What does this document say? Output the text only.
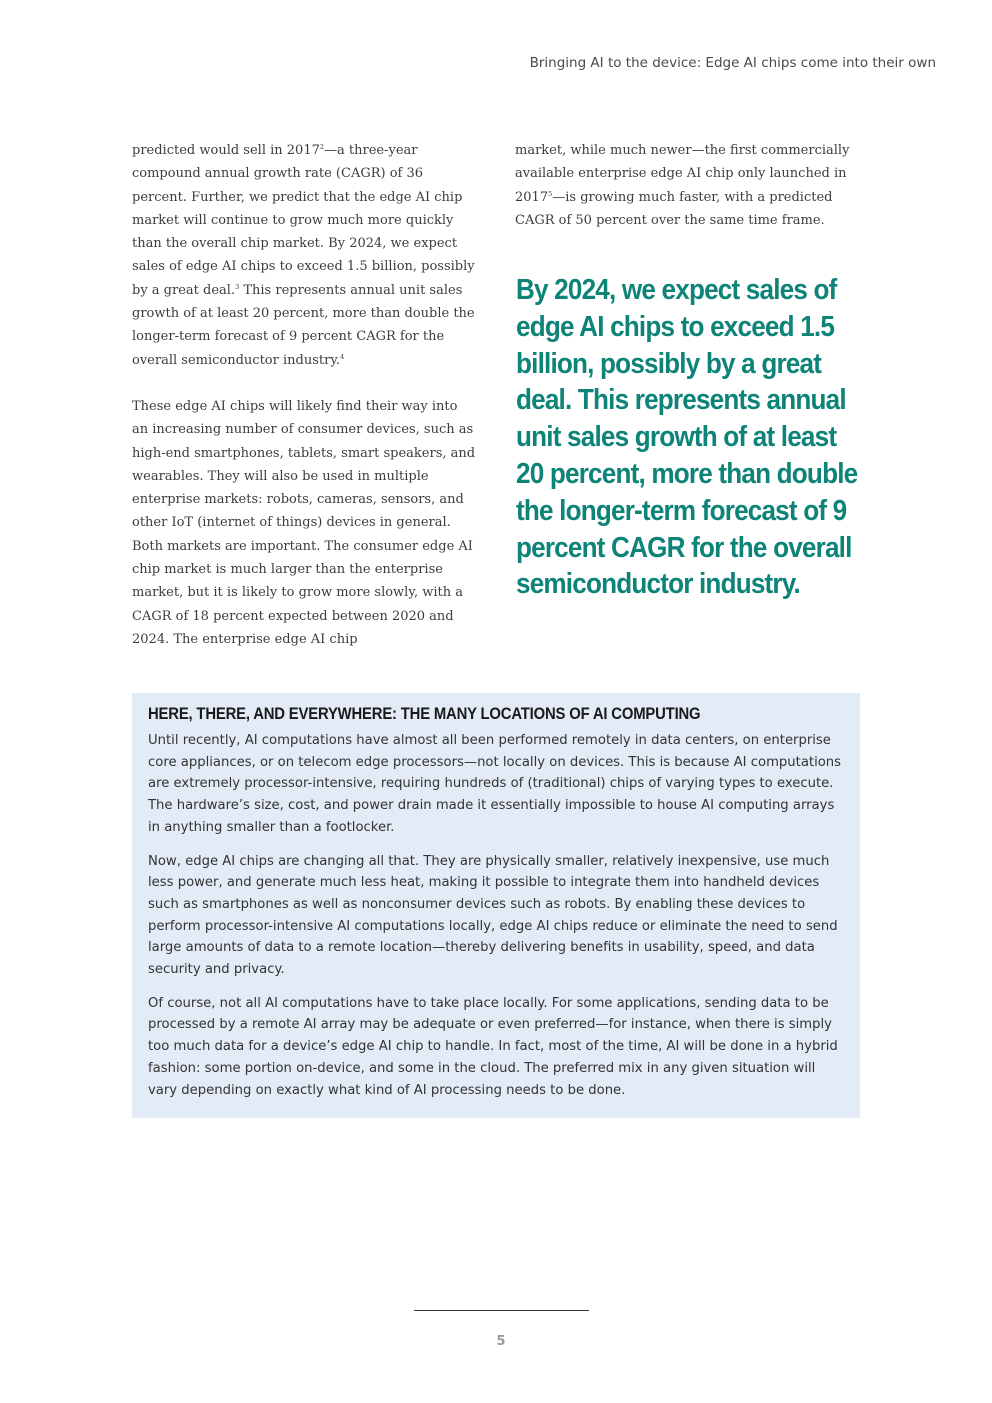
Bringing AI to the device: Edge AI chips come into their own

predicted would sell in 2017$^2$—a three-year compound annual growth rate (CAGR) of 36 percent. Further, we predict that the edge AI chip market will continue to grow much more quickly than the overall chip market. By 2024, we expect sales of edge AI chips to exceed 1.5 billion, possibly by a great deal.$^3$ This represents annual unit sales growth of at least 20 percent, more than double the longer-term forecast of 9 percent CAGR for the overall semiconductor industry.$^4$

These edge AI chips will likely find their way into an increasing number of consumer devices, such as high-end smartphones, tablets, smart speakers, and wearables. They will also be used in multiple enterprise markets: robots, cameras, sensors, and other IoT (internet of things) devices in general. Both markets are important. The consumer edge AI chip market is much larger than the enterprise market, but it is likely to grow more slowly, with a CAGR of 18 percent expected between 2020 and 2024. The enterprise edge AI chip

market, while much newer—the first commercially available enterprise edge AI chip only launched in 2017$^5$—is growing much faster, with a predicted CAGR of 50 percent over the same time frame.

By 2024, we expect sales of edge AI chips to exceed 1.5 billion, possibly by a great deal. This represents annual unit sales growth of at least 20 percent, more than double the longer-term forecast of 9 percent CAGR for the overall semiconductor industry.
HERE, THERE, AND EVERYWHERE: THE MANY LOCATIONS OF AI COMPUTING

Until recently, AI computations have almost all been performed remotely in data centers, on enterprise core appliances, or on telecom edge processors—not locally on devices. This is because AI computations are extremely processor-intensive, requiring hundreds of (traditional) chips of varying types to execute. The hardware’s size, cost, and power drain made it essentially impossible to house AI computing arrays in anything smaller than a footlocker.

Now, edge AI chips are changing all that. They are physically smaller, relatively inexpensive, use much less power, and generate much less heat, making it possible to integrate them into handheld devices such as smartphones as well as nonconsumer devices such as robots. By enabling these devices to perform processor-intensive AI computations locally, edge AI chips reduce or eliminate the need to send large amounts of data to a remote location—thereby delivering benefits in usability, speed, and data security and privacy.

Of course, not all AI computations have to take place locally. For some applications, sending data to be processed by a remote AI array may be adequate or even preferred—for instance, when there is simply too much data for a device’s edge AI chip to handle. In fact, most of the time, AI will be done in a hybrid fashion: some portion on-device, and some in the cloud. The preferred mix in any given situation will vary depending on exactly what kind of AI processing needs to be done.

5
